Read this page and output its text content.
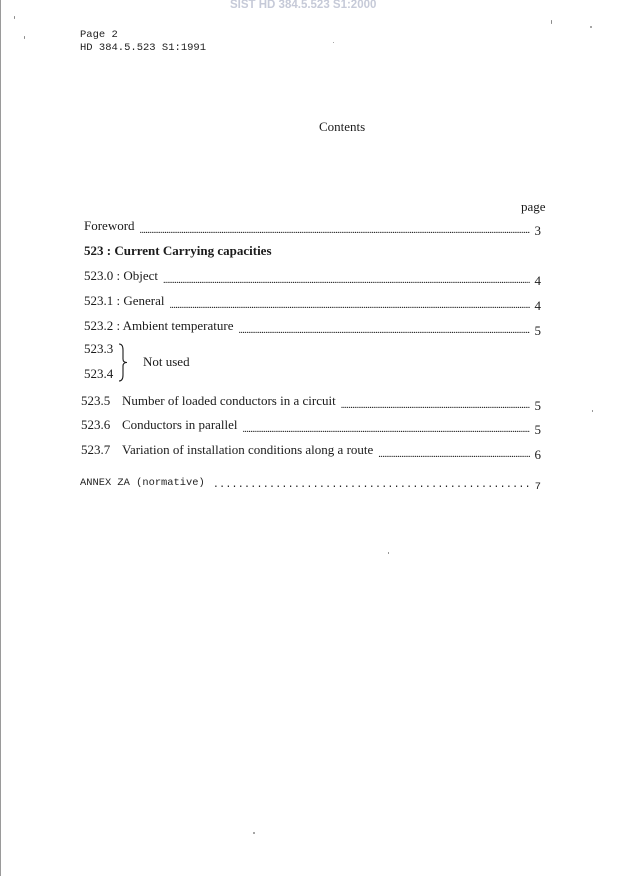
SIST HD 384.5.523 S1:2000
Page 2
HD 384.5.523 S1:1991
Contents
page
Foreword .....	3
523 : Current Carrying capacities
523.0 : Object .....	4
523.1 : General .....	4
523.2 : Ambient temperature .....	5
523.3
523.4
Not used
523.5 Number of loaded conductors in a circuit .....	5
523.6 Conductors in parallel .....	5
523.7 Variation of installation conditions along a route .....	6
ANNEX ZA (normative) .....	7
